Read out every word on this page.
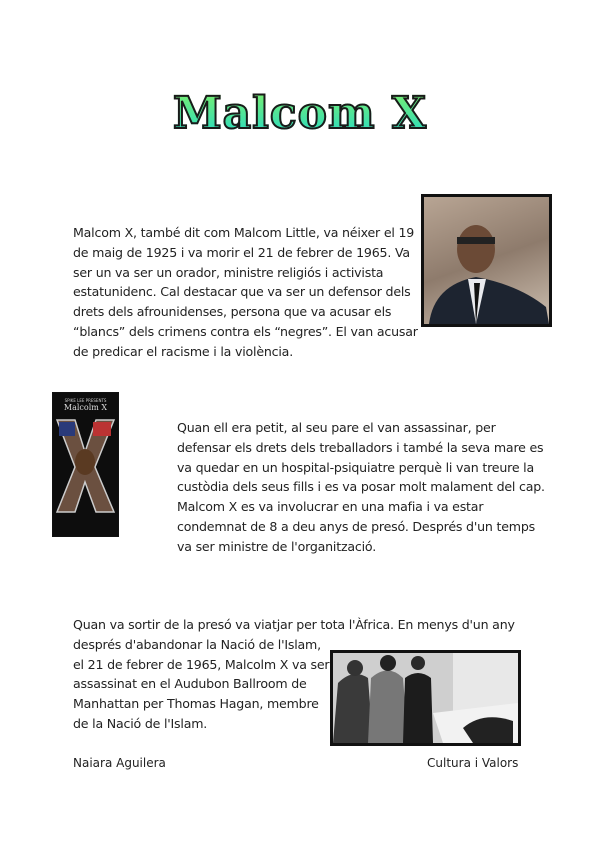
Malcom X
Malcom X, també dit com Malcom Little, va néixer el 19
de maig de 1925 i va morir el 21 de febrer de 1965. Va
ser un va ser un orador, ministre religiós i activista
estatunidenc. Cal destacar que va ser un defensor dels
drets dels afrounidenses, persona que va acusar els
“blancs” dels crimens contra els “negres”. El van acusar
de predicar el racisme i la violència.
SPIKE LEE PRESENTS
Malcolm X
Quan ell era petit, al seu pare el van assassinar, per
defensar els drets dels treballadors i també la seva mare es
va quedar en un hospital-psiquiatre perquè li van treure la
custòdia dels seus fills i es va posar molt malament del cap.
Malcom X es va involucrar en una mafia i va estar
condemnat de 8 a deu anys de presó. Després d'un temps
va ser ministre de l'organització.
Quan va sortir de la presó va viatjar per tota l'Àfrica. En menys d'un any
després d'abandonar la Nació de l'Islam,
el 21 de febrer de 1965, Malcolm X va ser
assassinat en el Audubon Ballroom de
Manhattan per Thomas Hagan, membre
de la Nació de l'Islam.
Naiara Aguilera	Cultura i Valors
